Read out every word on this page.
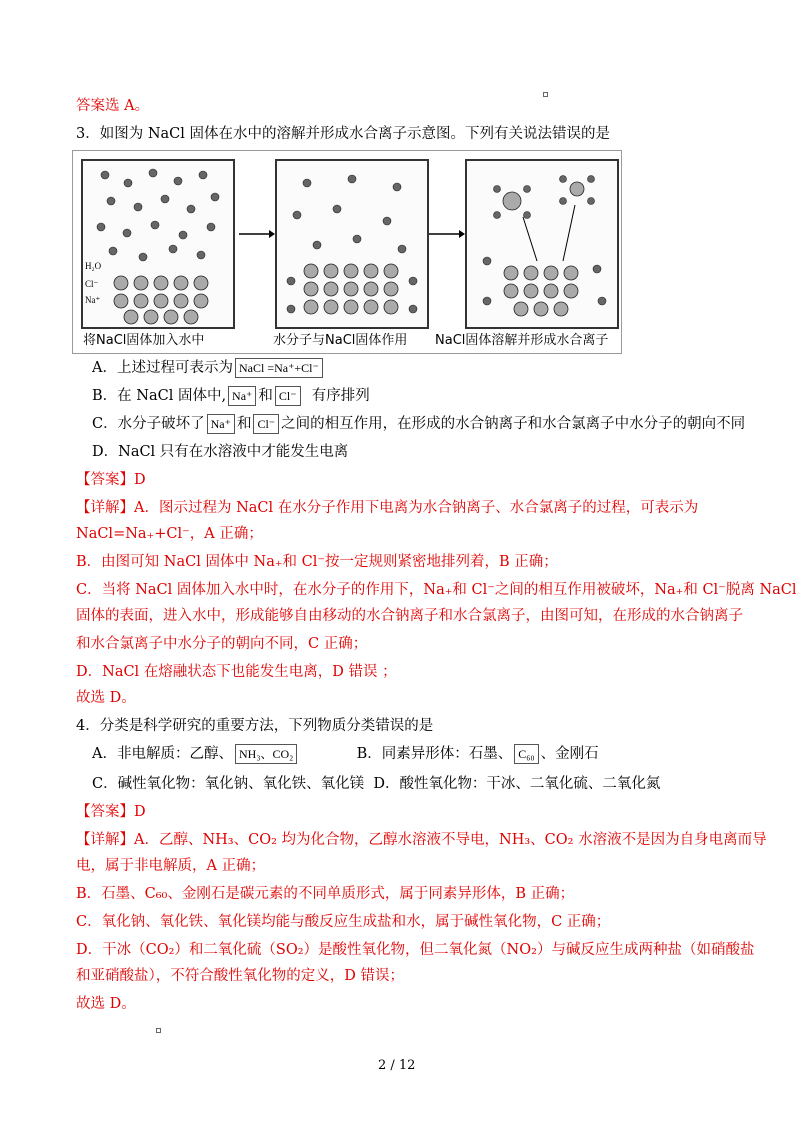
答案选 A。
3．如图为 NaCl 固体在水中的溶解并形成水合离子示意图。下列有关说法错误的是
H₂O
Cl⁻
Na⁺
将NaCl固体加入水中	水分子与NaCl固体作用 NaCl固体溶解并形成水合离子
A．上述过程可表示为 NaCl =Na⁺+Cl⁻
B．在 NaCl 固体中, Na⁺ 和 Cl⁻ 有序排列
C．水分子破坏了 Na⁺ 和 Cl⁻ 之间的相互作用，在形成的水合钠离子和水合氯离子中水分子的朝向不同
D．NaCl 只有在水溶液中才能发生电离
【答案】D
【详解】A．图示过程为 NaCl 在水分子作用下电离为水合钠离子、水合氯离子的过程，可表示为
NaCl=Na₊+Cl⁻，A 正确；
B．由图可知 NaCl 固体中 Na₊和 Cl⁻按一定规则紧密地排列着，B 正确；
C．当将 NaCl 固体加入水中时，在水分子的作用下，Na₊和 Cl⁻之间的相互作用被破坏，Na₊和 Cl⁻脱离 NaCl
固体的表面，进入水中，形成能够自由移动的水合钠离子和水合氯离子，由图可知，在形成的水合钠离子
和水合氯离子中水分子的朝向不同，C 正确；
D．NaCl 在熔融状态下也能发生电离，D 错误 ；
故选 D。
4．分类是科学研究的重要方法，下列物质分类错误的是
A．非电解质：乙醇、 NH₃、CO₂	B．同素异形体：石墨、 C₆₀ 、金刚石
C．碱性氧化物：氧化钠、氧化铁、氧化镁 D．酸性氧化物：干冰、二氧化硫、二氧化氮
【答案】D
【详解】A．乙醇、NH₃、CO₂ 均为化合物，乙醇水溶液不导电，NH₃、CO₂ 水溶液不是因为自身电离而导
电，属于非电解质，A 正确；
B．石墨、C₆₀、金刚石是碳元素的不同单质形式，属于同素异形体，B 正确；
C．氧化钠、氧化铁、氧化镁均能与酸反应生成盐和水，属于碱性氧化物，C 正确；
D．干冰（CO₂）和二氧化硫（SO₂）是酸性氧化物，但二氧化氮（NO₂）与碱反应生成两种盐（如硝酸盐
和亚硝酸盐），不符合酸性氧化物的定义，D 错误；
故选 D。
2 / 12
